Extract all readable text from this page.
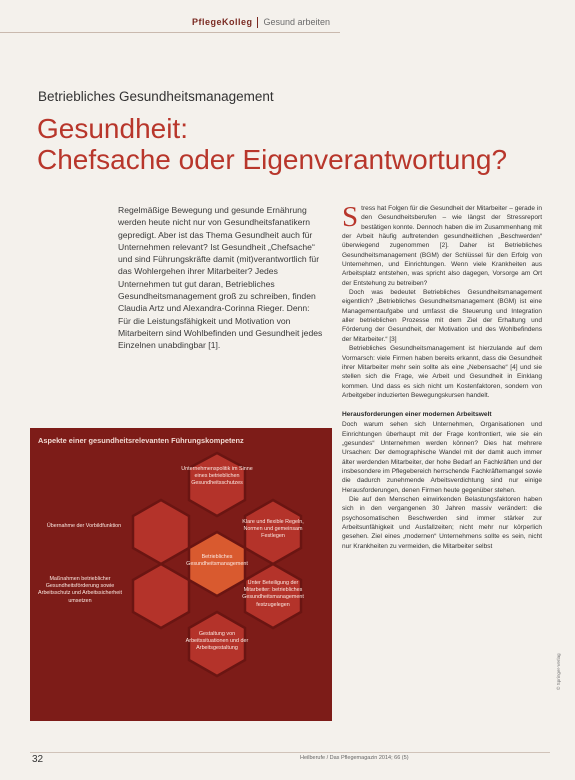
PflegeKolleg Gesund arbeiten
Betriebliches Gesundheitsmanagement
Gesundheit:
Chefsache oder Eigenverantwortung?
Regelmäßige Bewegung und gesunde Ernährung werden heute nicht nur von Gesundheitsfanatikern gepredigt. Aber ist das Thema Gesundheit auch für Unternehmen relevant? Ist Gesundheit „Chefsache“ und sind Führungskräfte damit (mit)verantwortlich für das Wohlergehen ihrer Mitarbeiter? Jedes Unternehmen tut gut daran, Betriebliches Gesundheitsmanagement groß zu schreiben, finden Claudia Artz und Alexandra-Corinna Rieger. Denn: Für die Leistungsfähigkeit und Motivation von Mitarbeitern sind Wohlbefinden und Gesundheit jedes Einzelnen unabdingbar [1].

Stress hat Folgen für die Gesundheit der Mitarbeiter – gerade in den Gesundheitsberufen – wie längst der Stressreport bestätigen konnte. Dennoch haben die im Zusammenhang mit der Arbeit häufig auftretenden gesundheitlichen „Beschwerden“ überwiegend zugenommen [2]. Daher ist Betriebliches Gesundheitsmanagement (BGM) der Schlüssel für den Erfolg von Unternehmen, und Einrichtungen. Wenn viele Krankheiten aus Arbeitsplatz entstehen, was spricht also dagegen, Vorsorge am Ort der Entstehung zu betreiben?

Doch was bedeutet Betriebliches Gesundheitsmanagement eigentlich? „Betriebliches Gesundheitsmanagement (BGM) ist eine Managementaufgabe und umfasst die Steuerung und Integration aller betrieblichen Prozesse mit dem Ziel der Erhaltung und Förderung der Gesundheit, der Motivation und des Wohlbefindens der Mitarbeiter.“ [3]

Betriebliches Gesundheitsmanagement ist hierzulande auf dem Vormarsch: viele Firmen haben bereits erkannt, dass die Gesundheit ihrer Mitarbeiter mehr sein sollte als eine „Nebensache“ [4] und sie stellen sich die Frage, wie Arbeit und Gesundheit in Einklang kommen. Und dass es sich nicht um Kostenfaktoren, sondern von Arbeitgeber induzierten Bewegungskursen handelt.

Herausforderungen einer modernen Arbeitswelt

Doch warum sehen sich Unternehmen, Organisationen und Einrichtungen überhaupt mit der Frage konfrontiert, wie sie ein „gesundes“ Unternehmen werden können? Dies hat mehrere Ursachen: Der demographische Wandel mit der damit auch immer älter werdenden Mitarbeiter, der hohe Bedarf an Fachkräften und der insbesondere im Pflegebereich herrschende Fachkräftemangel sowie die dadurch zunehmende Arbeitsverdichtung sind nur einige Herausforderungen, denen Firmen heute gegenüber stehen.

Die auf den Menschen einwirkenden Belastungsfaktoren haben sich in den vergangenen 30 Jahren massiv verändert: die psychosomatischen Beschwerden sind immer stärker zur Arbeitsunfähigkeit und Ausfallzeiten; nicht mehr nur körperlich gesehen. Ziel eines „modernen“ Unternehmens sollte es sein, nicht nur Krankheiten zu vermeiden, die Mitarbeiter selbst

Aspekte einer gesundheitsrelevanten Führungskompetenz
Unternehmenspolitik im Sinne eines betrieblichen Gesundheitsschutzes
Klare und flexible Regeln, Normen und gemeinsam Festlegen
Unter Beteiligung der Mitarbeiter: betriebliches Gesundheitsmanagement festzugelegen
Gestaltung von Arbeitssituationen und der Arbeitsgestaltung
Maßnahmen betrieblicher Gesundheitsförderung sowie Arbeitsschutz und Arbeitssicherheit umsetzen
Übernahme der Vorbildfunktion
Betriebliches Gesundheitsmanagement
32	Heilberufe / Das Pflegemagazin 2014; 66 (5)
© Springer-Verlag
